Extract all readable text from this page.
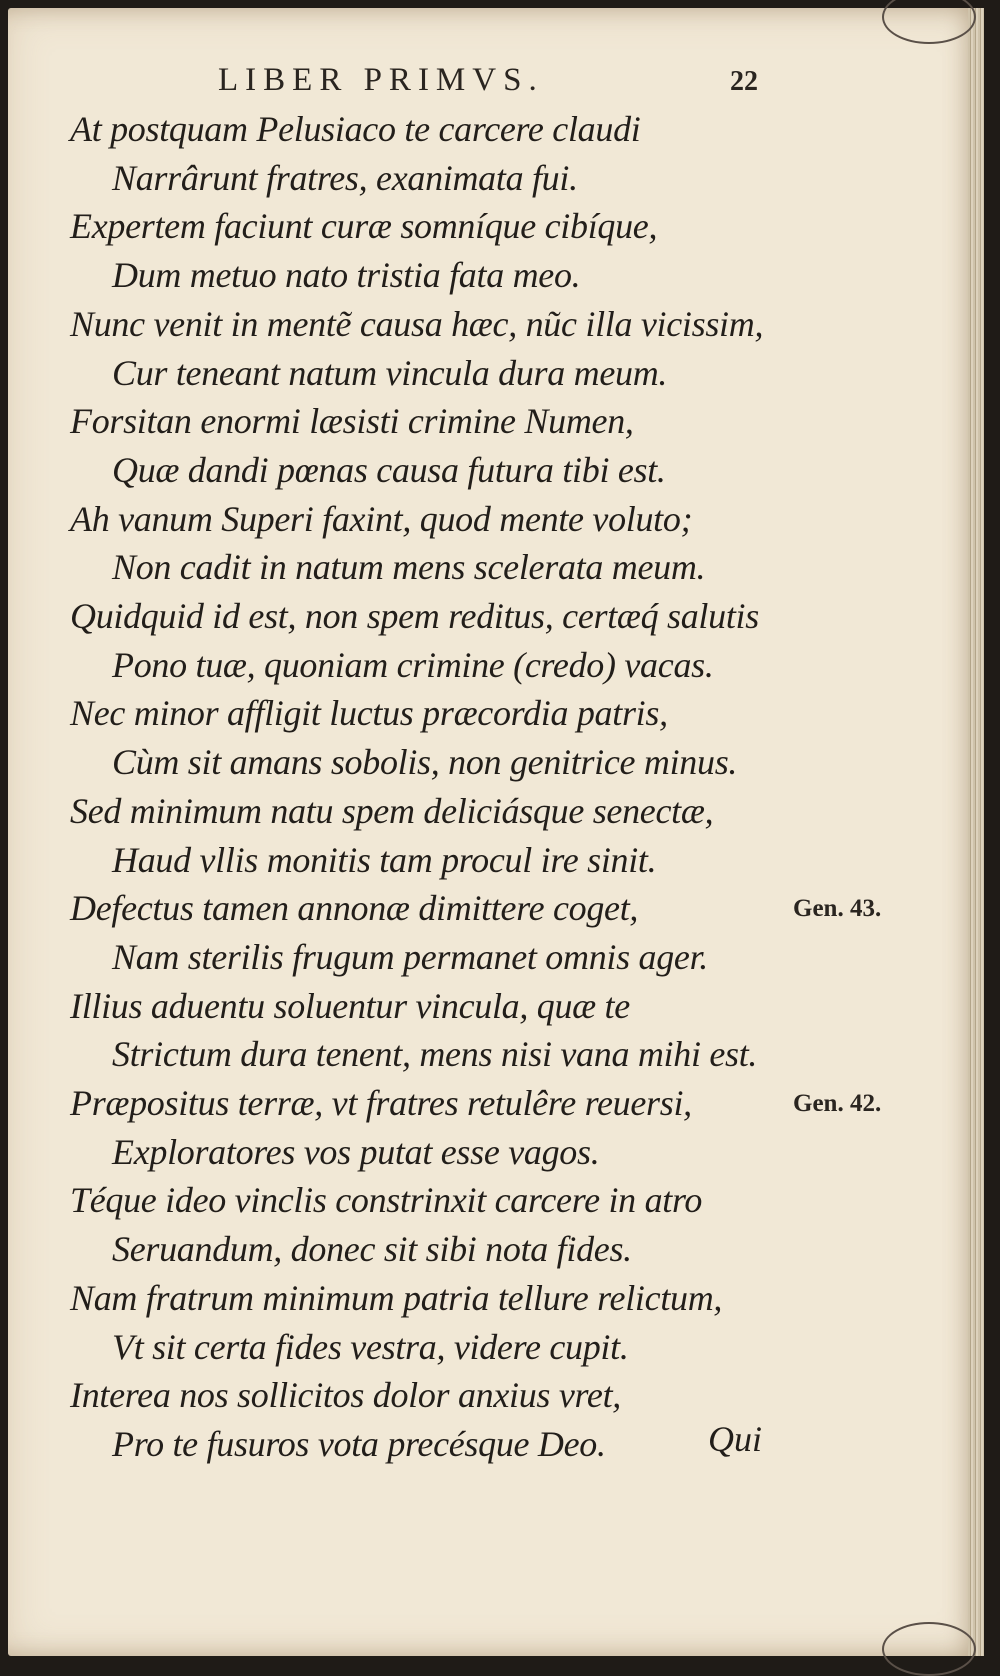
LIBER PRIMVS.	22
At postquam Pelusiaco te carcere claudi
Narrârunt fratres, exanimata fui.
Expertem faciunt curæ somníque cibíque,
Dum metuo nato tristia fata meo.
Nunc venit in mentẽ causa hæc, nũc illa vicissim,
Cur teneant natum vincula dura meum.
Forsitan enormi læsisti crimine Numen,
Quæ dandi pœnas causa futura tibi est.
Ah vanum Superi faxint, quod mente voluto;
Non cadit in natum mens scelerata meum.
Quidquid id est, non spem reditus, certæq́ salutis
Pono tuæ, quoniam crimine (credo) vacas.
Nec minor affligit luctus præcordia patris,
Cùm sit amans sobolis, non genitrice minus.
Sed minimum natu spem deliciásque senectæ,
Haud vllis monitis tam procul ire sinit.
Defectus tamen annonæ dimittere coget,
Nam sterilis frugum permanet omnis ager.
Illius aduentu soluentur vincula, quæ te
Strictum dura tenent, mens nisi vana mihi est.
Præpositus terræ, vt fratres retulêre reuersi,
Exploratores vos putat esse vagos.
Téque ideo vinclis constrinxit carcere in atro
Seruandum, donec sit sibi nota fides.
Nam fratrum minimum patria tellure relictum,
Vt sit certa fides vestra, videre cupit.
Interea nos sollicitos dolor anxius vret,
Pro te fusuros vota precésque Deo.
Gen. 43.
Gen. 42.
Qui
